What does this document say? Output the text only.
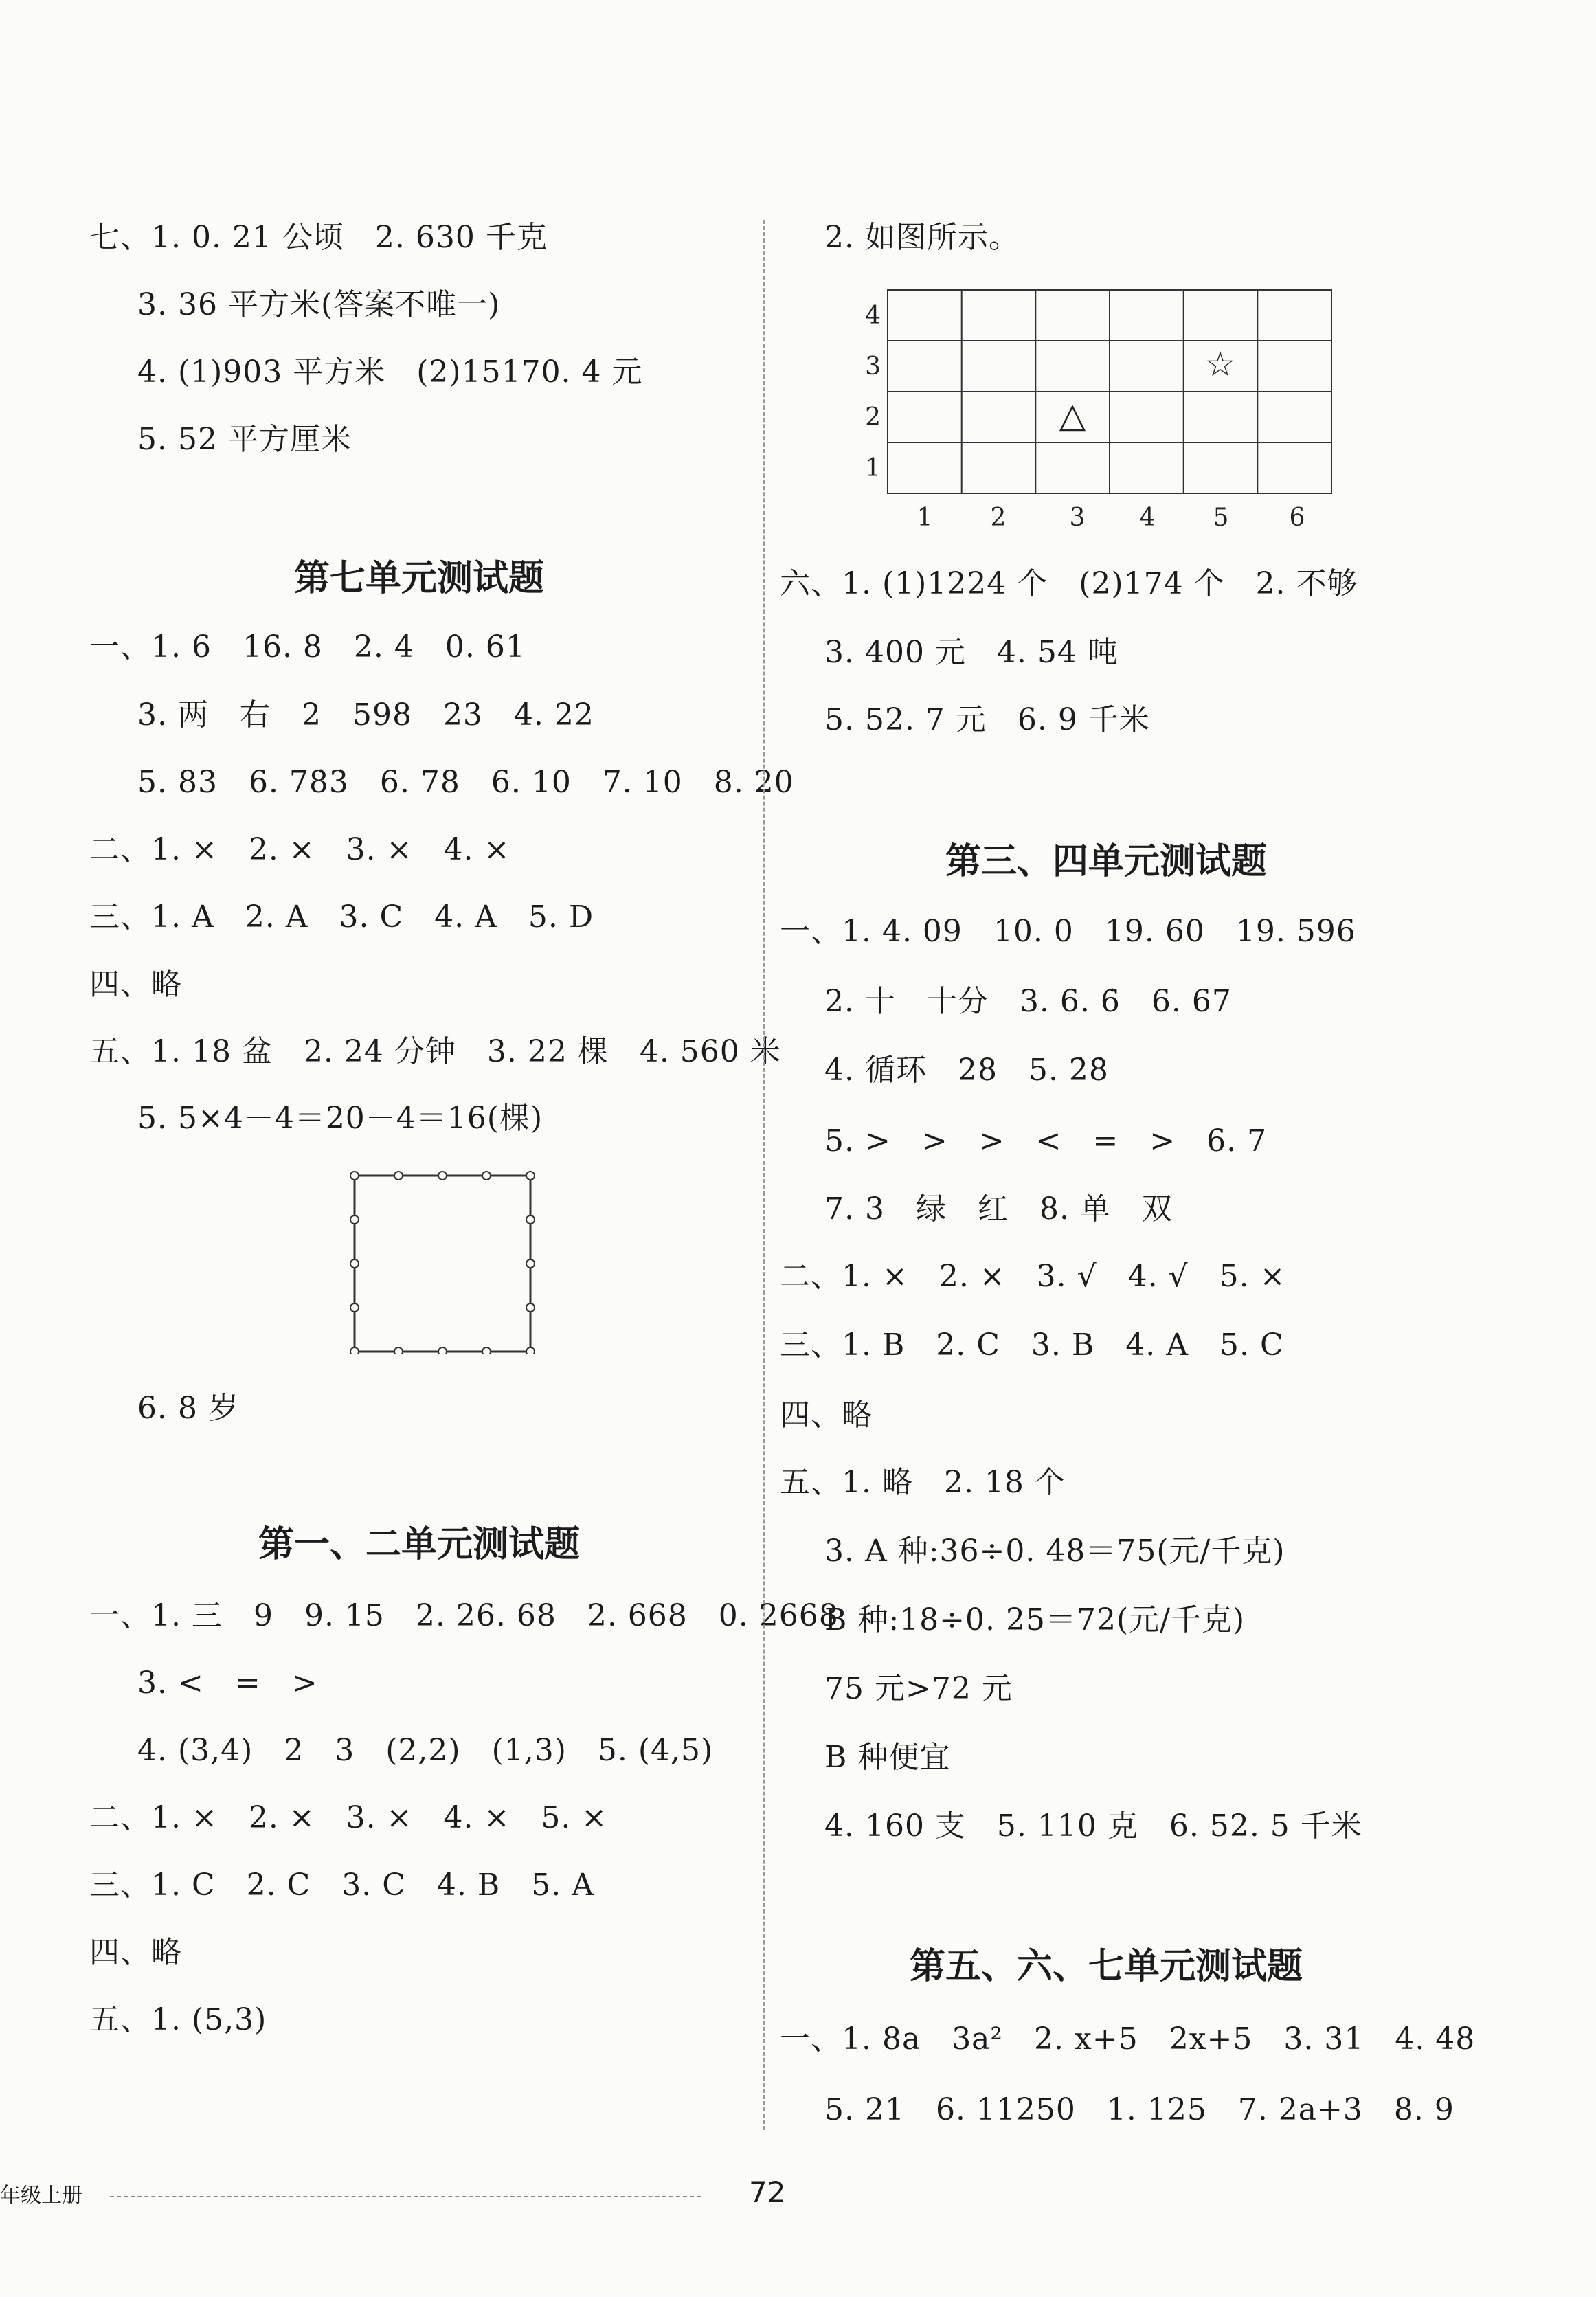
七、1. 0. 21 公顷　2. 630 千克
3. 36 平方米(答案不唯一)
4. (1)903 平方米　(2)15170. 4 元
5. 52 平方厘米
第七单元测试题
一、1. 6　16. 8　2. 4　0. 61
3. 两　右　2　598　23　4. 22
5. 83　6. 78̇3̇　6. 78　6. 10　7. 10　8. 20
二、1. ×　2. ×　3. ×　4. ×
三、1. A　2. A　3. C　4. A　5. D
四、略
五、1. 18 盆　2. 24 分钟　3. 22 棵　4. 560 米
5. 5×4－4＝20－4＝16(棵)
6. 8 岁
第一、二单元测试题
一、1. 三　9　9. 15　2. 26. 68　2. 668　0. 2668
3. <　=　>
4. (3,4)　2　3　(2,2)　(1,3)　5. (4,5)
二、1. ×　2. ×　3. ×　4. ×　5. ×
三、1. C　2. C　3. C　4. B　5. A
四、略
五、1. (5,3)
2. 如图所示。
4
3
2
1
1 2	3 4 5 6
☆
△
六、1. (1)1224 个　(2)174 个　2. 不够
3. 400 元　4. 54 吨
5. 52. 7 元　6. 9 千米
第三、四单元测试题
一、1. 4. 09　10. 0　19. 60　19. 596
2. 十　十分　3. 6. 6̇　6. 67
4. 循环　28　5. 2̇8̇
5. >　>　>　<　=　>　6. 7
7. 3　绿　红　8. 单　双
二、1. ×　2. ×　3. √　4. √　5. ×
三、1. B　2. C　3. B　4. A　5. C
四、略
五、1. 略　2. 18 个
3. A 种:36÷0. 48＝75(元/千克)
B 种:18÷0. 25＝72(元/千克)
75 元>72 元
B 种便宜
4. 160 支　5. 110 克　6. 52. 5 千米
第五、六、七单元测试题
一、1. 8a　3a²　2. x+5　2x+5　3. 31　4. 48
5. 21　6. 11250　1. 125　7. 2a+3　8. 9
年级上册	72
